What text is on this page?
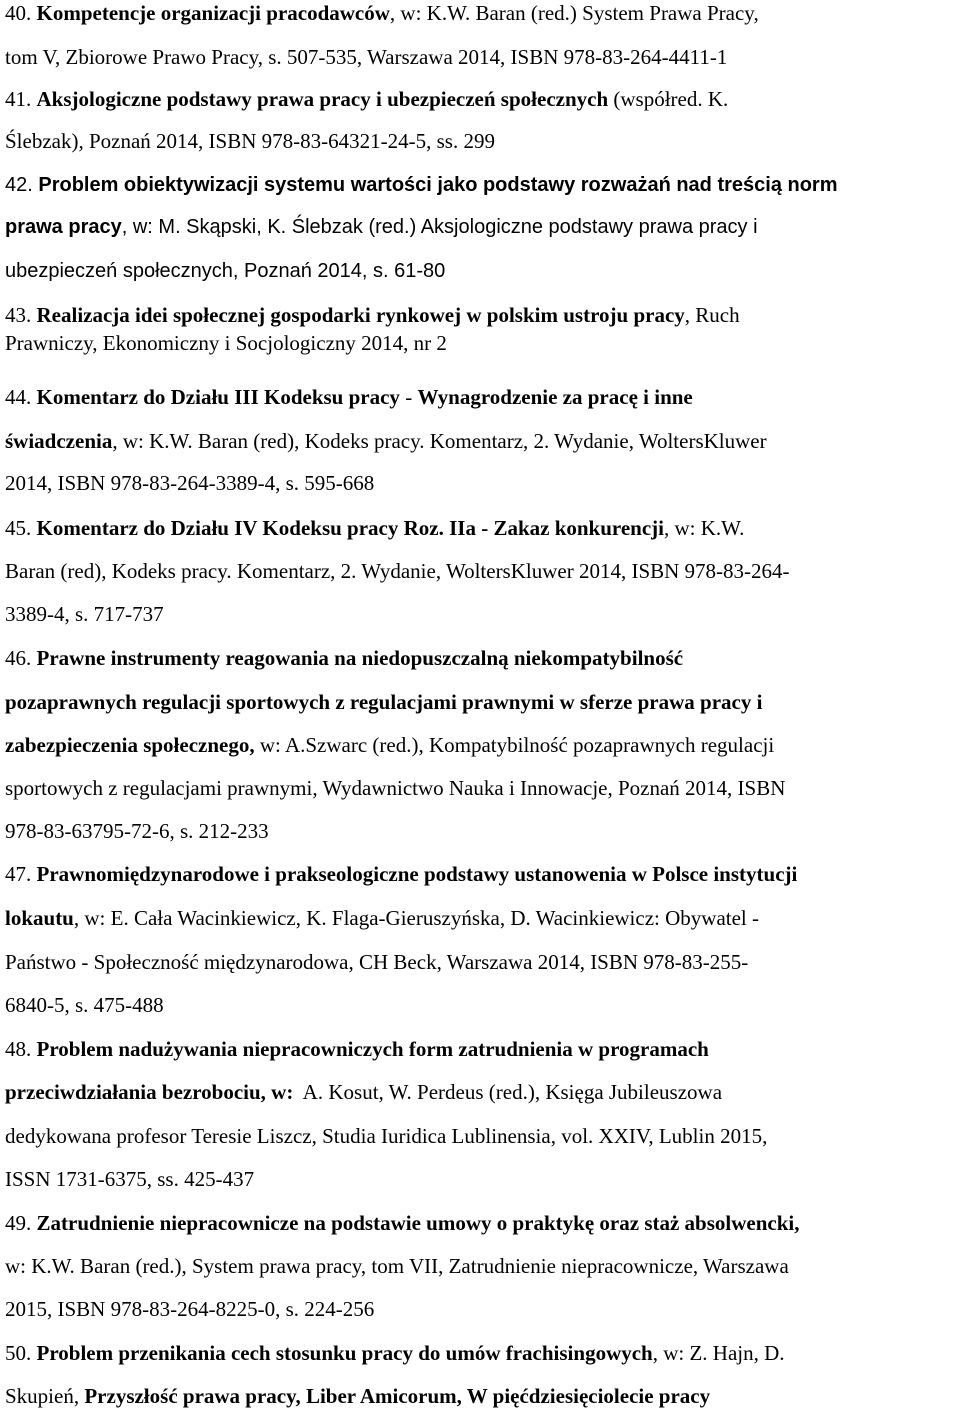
40. Kompetencje organizacji pracodawców, w: K.W. Baran (red.) System Prawa Pracy,
tom V, Zbiorowe Prawo Pracy, s. 507-535, Warszawa 2014, ISBN 978-83-264-4411-1
41. Aksjologiczne podstawy prawa pracy i ubezpieczeń społecznych (współred. K.
Ślebzak), Poznań 2014, ISBN 978-83-64321-24-5, ss. 299
42. Problem obiektywizacji systemu wartości jako podstawy rozważań nad treścią norm
prawa pracy, w: M. Skąpski, K. Ślebzak (red.) Aksjologiczne podstawy prawa pracy i
ubezpieczeń społecznych, Poznań 2014, s. 61-80
43. Realizacja idei społecznej gospodarki rynkowej w polskim ustroju pracy, Ruch
Prawniczy, Ekonomiczny i Socjologiczny 2014, nr 2
44. Komentarz do Działu III Kodeksu pracy - Wynagrodzenie za pracę i inne
świadczenia, w: K.W. Baran (red), Kodeks pracy. Komentarz, 2. Wydanie, WoltersKluwer
2014, ISBN 978-83-264-3389-4, s. 595-668
45. Komentarz do Działu IV Kodeksu pracy Roz. IIa - Zakaz konkurencji, w: K.W.
Baran (red), Kodeks pracy. Komentarz, 2. Wydanie, WoltersKluwer 2014, ISBN 978-83-264-
3389-4, s. 717-737
46. Prawne instrumenty reagowania na niedopuszczalną niekompatybilność
pozaprawnych regulacji sportowych z regulacjami prawnymi w sferze prawa pracy i
zabezpieczenia społecznego, w: A.Szwarc (red.), Kompatybilność pozaprawnych regulacji
sportowych z regulacjami prawnymi, Wydawnictwo Nauka i Innowacje, Poznań 2014, ISBN
978-83-63795-72-6, s. 212-233
47. Prawnomiędzynarodowe i prakseologiczne podstawy ustanowenia w Polsce instytucji
lokautu, w: E. Cała Wacinkiewicz, K. Flaga-Gieruszyńska, D. Wacinkiewicz: Obywatel -
Państwo - Społeczność międzynarodowa, CH Beck, Warszawa 2014, ISBN 978-83-255-
6840-5, s. 475-488
48. Problem nadużywania niepracowniczych form zatrudnienia w programach
przeciwdziałania bezrobociu, w:  A. Kosut, W. Perdeus (red.), Księga Jubileuszowa
dedykowana profesor Teresie Liszcz, Studia Iuridica Lublinensia, vol. XXIV, Lublin 2015,
ISSN 1731-6375, ss. 425-437
49. Zatrudnienie niepracownicze na podstawie umowy o praktykę oraz staż absolwencki,
w: K.W. Baran (red.), System prawa pracy, tom VII, Zatrudnienie niepracownicze, Warszawa
2015, ISBN 978-83-264-8225-0, s. 224-256
50. Problem przenikania cech stosunku pracy do umów frachisingowych, w: Z. Hajn, D.
Skupień, Przyszłość prawa pracy, Liber Amicorum, W pięćdziesięciolecie pracy
